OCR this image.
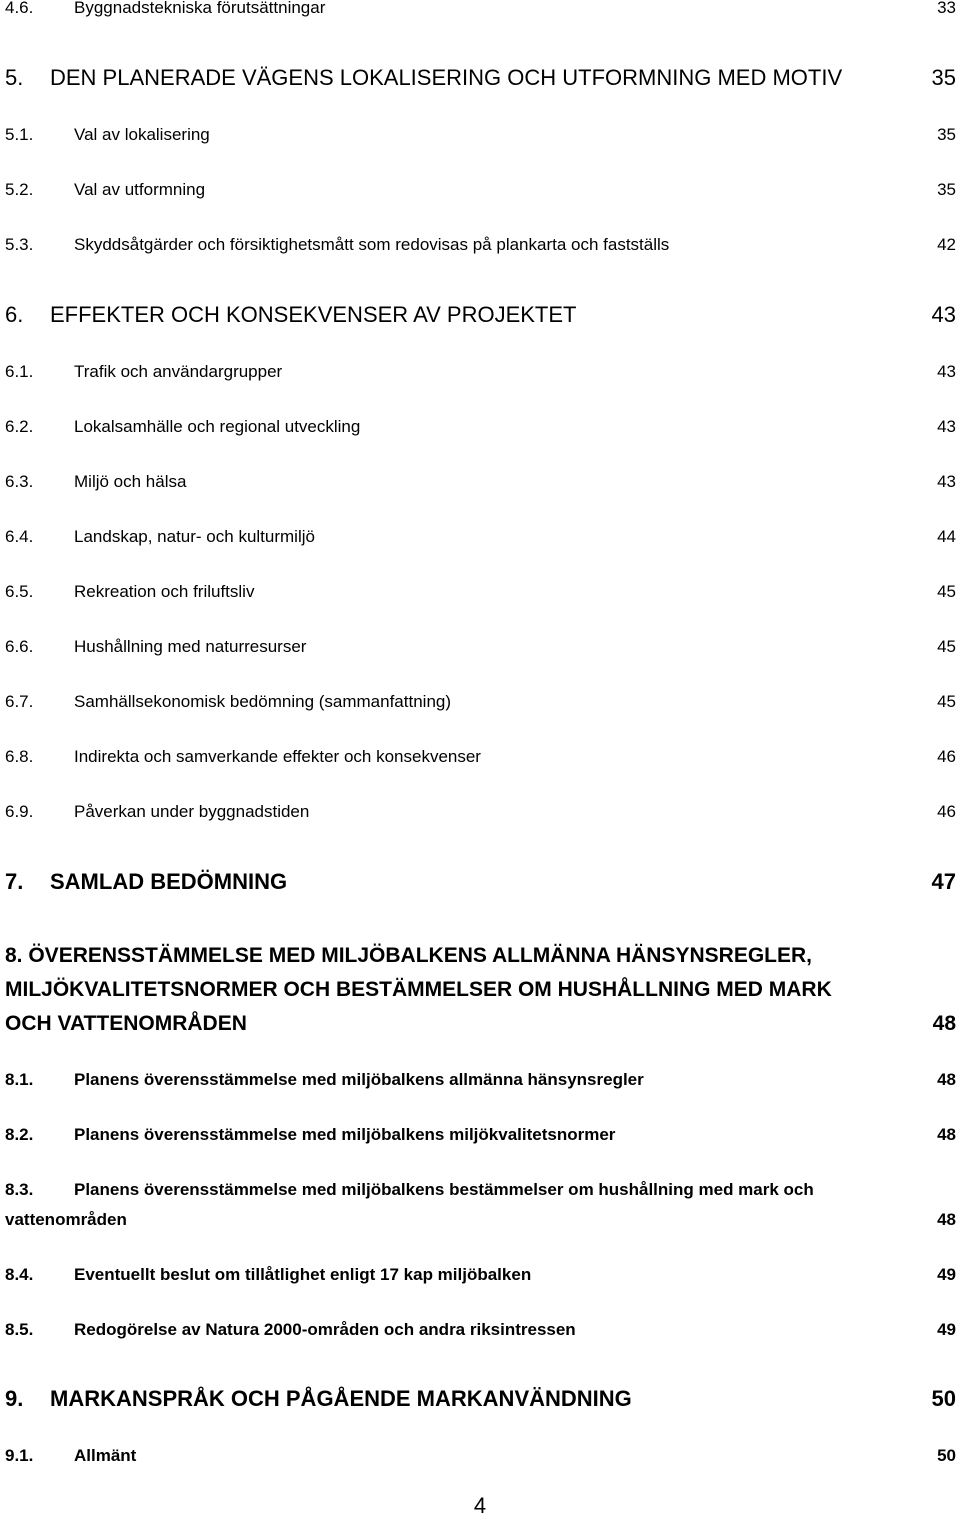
4.6. Byggnadstekniska förutsättningar	33
5. DEN PLANERADE VÄGENS LOKALISERING OCH UTFORMNING MED MOTIV	35
5.1. Val av lokalisering	35
5.2. Val av utformning	35
5.3. Skyddsåtgärder och försiktighetsmått som redovisas på plankarta och fastställs	42
6. EFFEKTER OCH KONSEKVENSER AV PROJEKTET	43
6.1. Trafik och användargrupper	43
6.2. Lokalsamhälle och regional utveckling	43
6.3. Miljö och hälsa	43
6.4. Landskap, natur- och kulturmiljö	44
6.5. Rekreation och friluftsliv	45
6.6. Hushållning med naturresurser	45
6.7. Samhällsekonomisk bedömning (sammanfattning)	45
6.8. Indirekta och samverkande effekter och konsekvenser	46
6.9. Påverkan under byggnadstiden	46
7. SAMLAD BEDÖMNING	47
8. ÖVERENSSTÄMMELSE MED MILJÖBALKENS ALLMÄNNA HÄNSYNSREGLER,
MILJÖKVALITETSNORMER OCH BESTÄMMELSER OM HUSHÅLLNING MED MARK
OCH VATTENOMRÅDEN	48
8.1. Planens överensstämmelse med miljöbalkens allmänna hänsynsregler	48
8.2. Planens överensstämmelse med miljöbalkens miljökvalitetsnormer	48
8.3. Planens överensstämmelse med miljöbalkens bestämmelser om hushållning med mark och
vattenområden	48
8.4. Eventuellt beslut om tillåtlighet enligt 17 kap miljöbalken	49
8.5. Redogörelse av Natura 2000-områden och andra riksintressen	49
9. MARKANSPRÅK OCH PÅGÅENDE MARKANVÄNDNING	50
9.1. Allmänt	50
4
